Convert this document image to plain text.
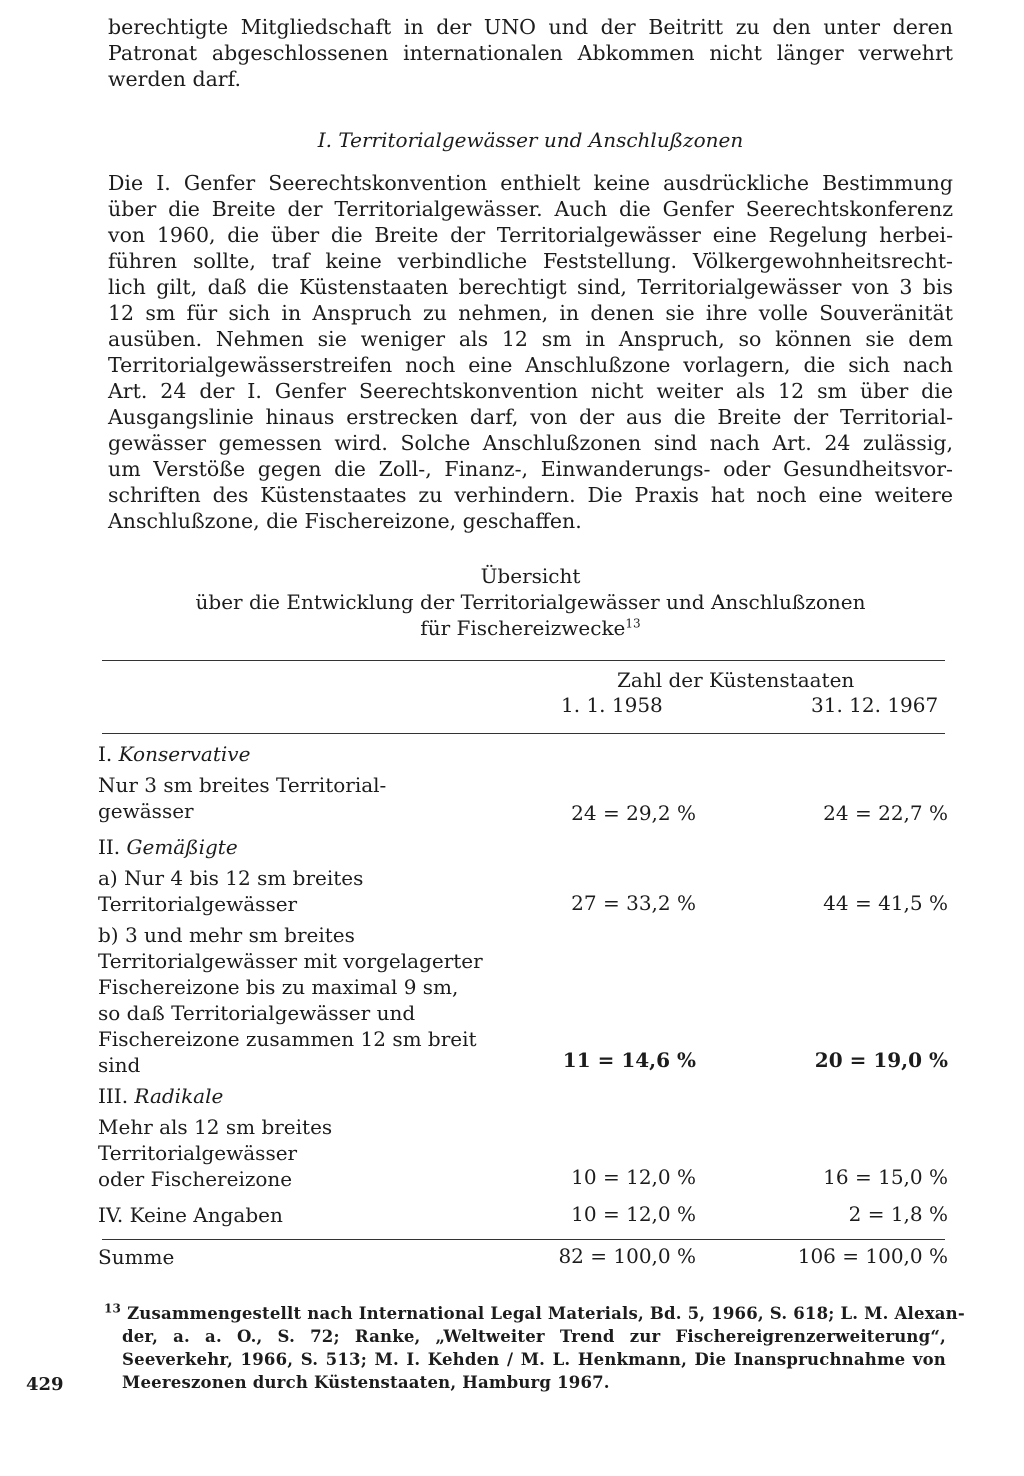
berechtigte Mitgliedschaft in der UNO und der Beitritt zu den unter deren
Patronat abgeschlossenen internationalen Abkommen nicht länger verwehrt
werden darf.

I. Territorialgewässer und Anschlußzonen

Die I. Genfer Seerechtskonvention enthielt keine ausdrückliche Bestimmung
über die Breite der Territorialgewässer. Auch die Genfer Seerechtskonferenz
von 1960, die über die Breite der Territorialgewässer eine Regelung herbei-
führen sollte, traf keine verbindliche Feststellung. Völkergewohnheitsrecht-
lich gilt, daß die Küstenstaaten berechtigt sind, Territorialgewässer von 3 bis
12 sm für sich in Anspruch zu nehmen, in denen sie ihre volle Souveränität
ausüben. Nehmen sie weniger als 12 sm in Anspruch, so können sie dem
Territorialgewässerstreifen noch eine Anschlußzone vorlagern, die sich nach
Art. 24 der I. Genfer Seerechtskonvention nicht weiter als 12 sm über die
Ausgangslinie hinaus erstrecken darf, von der aus die Breite der Territorial-
gewässer gemessen wird. Solche Anschlußzonen sind nach Art. 24 zulässig,
um Verstöße gegen die Zoll-, Finanz-, Einwanderungs- oder Gesundheitsvor-
schriften des Küstenstaates zu verhindern. Die Praxis hat noch eine weitere
Anschlußzone, die Fischereizone, geschaffen.

Übersicht
über die Entwicklung der Territorialgewässer und Anschlußzonen
für Fischereizwecke$^{13}$
Zahl der Küstenstaaten
1. 1. 1958	31. 12. 1967
I. Konservative
Nur 3 sm breites Territorial-
gewässer	24 = 29,2 %	24 = 22,7 %
II. Gemäßigte
a) Nur 4 bis 12 sm breites
Territorialgewässer	27 = 33,2 %	44 = 41,5 %
b) 3 und mehr sm breites
Territorialgewässer mit vorgelagerter
Fischereizone bis zu maximal 9 sm,
so daß Territorialgewässer und
Fischereizone zusammen 12 sm breit
sind	11 = 14,6 %	20 = 19,0 %
III. Radikale
Mehr als 12 sm breites
Territorialgewässer
oder Fischereizone	10 = 12,0 %	16 = 15,0 %
IV. Keine Angaben	10 = 12,0 %	2 = 1,8 %
Summe	82 = 100,0 %	106 = 100,0 %
$^{13}$ Zusammengestellt nach International Legal Materials, Bd. 5, 1966, S. 618; L. M. Alexan-
der, a. a. O., S. 72; Ranke, „Weltweiter Trend zur Fischereigrenzerweiterung“,
Seeverkehr, 1966, S. 513; M. I. Kehden / M. L. Henkmann, Die Inanspruchnahme von
Meereszonen durch Küstenstaaten, Hamburg 1967.
429
